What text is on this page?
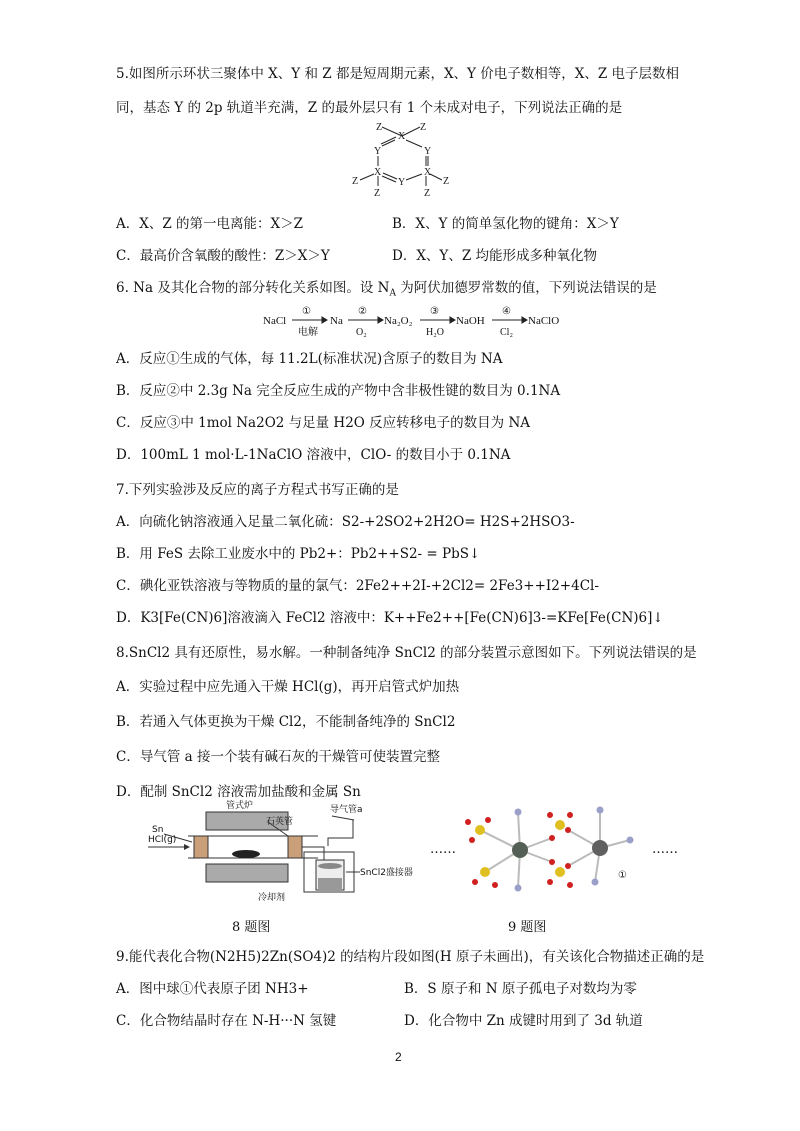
5.如图所示环状三聚体中 X、Y 和 Z 都是短周期元素，X、Y 价电子数相等，X、Z 电子层数相
同，基态 Y 的 2p 轨道半充满，Z 的最外层只有 1 个未成对电子，下列说法正确的是
Z
X
Z
Y	Y
X	X
Y
Z	Z
Z	Z
A．X、Z 的第一电离能：X＞Z	B．X、Y 的简单氢化物的键角：X＞Y
C．最高价含氧酸的酸性：Z＞X＞Y	D．X、Y、Z 均能形成多种氧化物
6. Na 及其化合物的部分转化关系如图。设 $N_A$ 为阿伏加德罗常数的值，下列说法错误的是
NaCl	Na	Na₂O₂	NaOH	NaClO
①	②	③	④
电解	O₂	H₂O	Cl₂
A．反应①生成的气体，每 11.2L(标准状况)含原子的数目为 NA
B．反应②中 2.3g Na 完全反应生成的产物中含非极性键的数目为 0.1NA
C．反应③中 1mol Na2O2 与足量 H2O 反应转移电子的数目为 NA
D．100mL 1 mol·L-1NaClO 溶液中，ClO- 的数目小于 0.1NA
7.下列实验涉及反应的离子方程式书写正确的是
A．向硫化钠溶液通入足量二氧化硫：S2-+2SO2+2H2O= H2S+2HSO3-
B．用 FeS 去除工业废水中的 Pb2+：Pb2++S2- = PbS↓
C．碘化亚铁溶液与等物质的量的氯气：2Fe2++2I-+2Cl2= 2Fe3++I2+4Cl-
D．K3[Fe(CN)6]溶液滴入 FeCl2 溶液中：K++Fe2++[Fe(CN)6]3-=KFe[Fe(CN)6]↓
8.SnCl2 具有还原性，易水解。一种制备纯净 SnCl2 的部分装置示意图如下。下列说法错误的是
A．实验过程中应先通入干燥 HCl(g)，再开启管式炉加热
B．若通入气体更换为干燥 Cl2，不能制备纯净的 SnCl2
C．导气管 a 接一个装有碱石灰的干燥管可使装置完整
D．配制 SnCl2 溶液需加盐酸和金属 Sn
管式炉
石英管
导气管a
Sn
HCl(g)
SnCl2盛接器
冷却剂
……	……
①
8 题图	9 题图
9.能代表化合物(N2H5)2Zn(SO4)2 的结构片段如图(H 原子未画出)，有关该化合物描述正确的是
A．图中球①代表原子团 NH3+	B．S 原子和 N 原子孤电子对数均为零
C．化合物结晶时存在 N-H···N 氢键	D．化合物中 Zn 成键时用到了 3d 轨道
2
